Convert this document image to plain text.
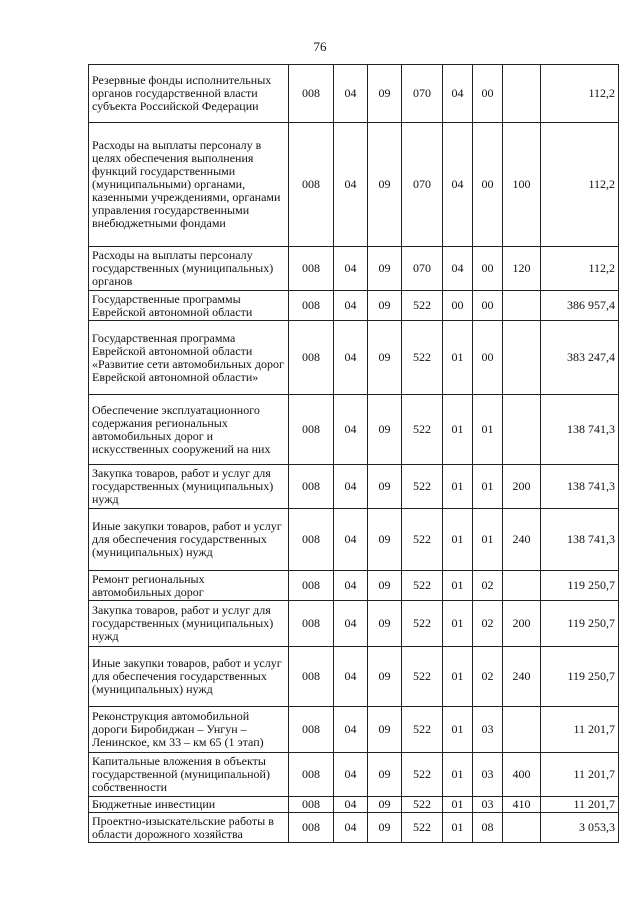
76
Резервные фонды исполнительных органов государственной власти субъекта Российской Федерации	008	04	09	070	04	00		112,2
Расходы на выплаты персоналу в целях обеспечения выполнения функций государственными (муниципальными) органами, казенными учреждениями, органами управления государственными внебюджетными фондами	008	04	09	070	04	00	100	112,2
Расходы на выплаты персоналу государственных (муниципальных) органов	008	04	09	070	04	00	120	112,2
Государственные программы Еврейской автономной области	008	04	09	522	00	00		386 957,4
Государственная программа Еврейской автономной области «Развитие сети автомобильных дорог Еврейской автономной области»	008	04	09	522	01	00		383 247,4
Обеспечение эксплуатационного содержания региональных автомобильных дорог и искусственных сооружений на них	008	04	09	522	01	01		138 741,3
Закупка товаров, работ и услуг для государственных (муниципальных) нужд	008	04	09	522	01	01	200	138 741,3
Иные закупки товаров, работ и услуг для обеспечения государственных (муниципальных) нужд	008	04	09	522	01	01	240	138 741,3
Ремонт региональных автомобильных дорог	008	04	09	522	01	02		119 250,7
Закупка товаров, работ и услуг для государственных (муниципальных) нужд	008	04	09	522	01	02	200	119 250,7
Иные закупки товаров, работ и услуг для обеспечения государственных (муниципальных) нужд	008	04	09	522	01	02	240	119 250,7
Реконструкция автомобильной дороги Биробиджан – Унгун – Ленинское, км 33 – км 65 (1 этап)	008	04	09	522	01	03		11 201,7
Капитальные вложения в объекты государственной (муниципальной) собственности	008	04	09	522	01	03	400	11 201,7
Бюджетные инвестиции	008	04	09	522	01	03	410	11 201,7
Проектно-изыскательские работы в области дорожного хозяйства	008	04	09	522	01	08		3 053,3
